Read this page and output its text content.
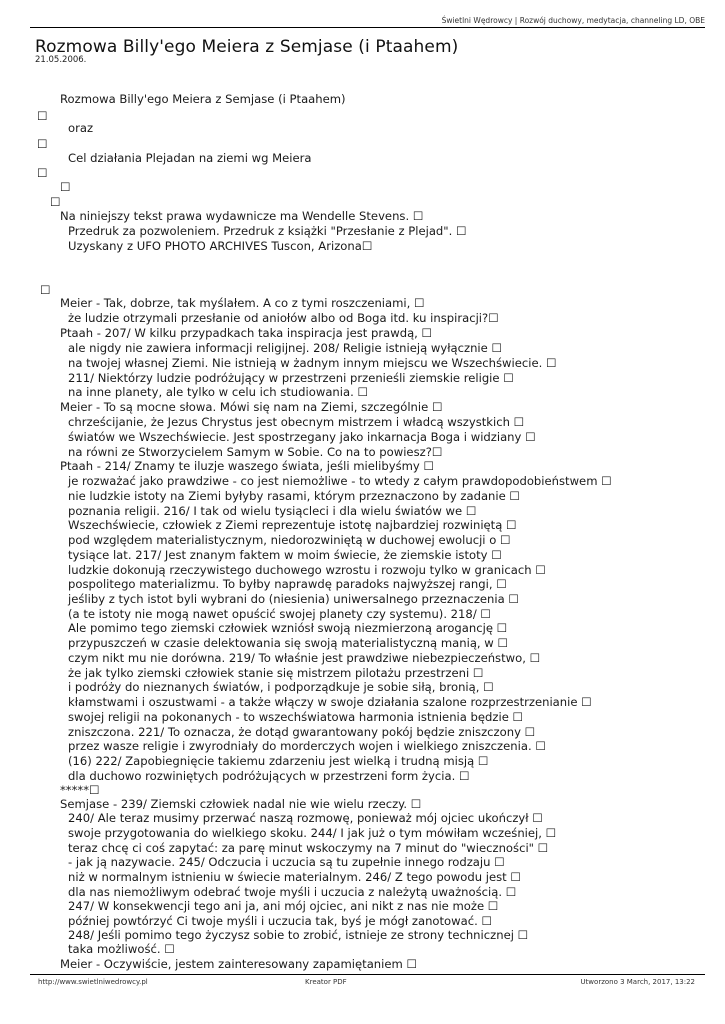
Świetlni Wędrowcy | Rozwój duchowy, medytacja, channeling LD, OBE
Rozmowa Billy'ego Meiera z Semjase (i Ptaahem)
21.05.2006.
Rozmowa Billy'ego Meiera z Semjase (i Ptaahem)
☐
oraz
☐
Cel działania Plejadan na ziemi wg Meiera
☐
☐
☐
Na niniejszy tekst prawa wydawnicze ma Wendelle Stevens. ☐
Przedruk za pozwoleniem. Przedruk z książki "Przesłanie z Plejad". ☐
Uzyskany z UFO PHOTO ARCHIVES Tuscon, Arizona☐
☐
Meier - Tak, dobrze, tak myślałem. A co z tymi roszczeniami, ☐
że ludzie otrzymali przesłanie od aniołów albo od Boga itd. ku inspiracji?☐
Ptaah - 207/ W kilku przypadkach taka inspiracja jest prawdą, ☐
ale nigdy nie zawiera informacji religijnej. 208/ Religie istnieją wyłącznie ☐
na twojej własnej Ziemi. Nie istnieją w żadnym innym miejscu we Wszechświecie. ☐
211/ Niektórzy ludzie podróżujący w przestrzeni przenieśli ziemskie religie ☐
na inne planety, ale tylko w celu ich studiowania. ☐
Meier - To są mocne słowa. Mówi się nam na Ziemi, szczególnie ☐
chrześcijanie, że Jezus Chrystus jest obecnym mistrzem i władcą wszystkich ☐
światów we Wszechświecie. Jest spostrzegany jako inkarnacja Boga i widziany ☐
na równi ze Stworzycielem Samym w Sobie. Co na to powiesz?☐
Ptaah - 214/ Znamy te iluzje waszego świata, jeśli mielibyśmy ☐
je rozważać jako prawdziwe - co jest niemożliwe - to wtedy z całym prawdopodobieństwem ☐
nie ludzkie istoty na Ziemi byłyby rasami, którym przeznaczono by zadanie ☐
poznania religii. 216/ I tak od wielu tysiącleci i dla wielu światów we ☐
Wszechświecie, człowiek z Ziemi reprezentuje istotę najbardziej rozwiniętą ☐
pod względem materialistycznym, niedorozwiniętą w duchowej ewolucji o ☐
tysiące lat. 217/ Jest znanym faktem w moim świecie, że ziemskie istoty ☐
ludzkie dokonują rzeczywistego duchowego wzrostu i rozwoju tylko w granicach ☐
pospolitego materializmu. To byłby naprawdę paradoks najwyższej rangi, ☐
jeśliby z tych istot byli wybrani do (niesienia) uniwersalnego przeznaczenia ☐
(a te istoty nie mogą nawet opuścić swojej planety czy systemu). 218/ ☐
Ale pomimo tego ziemski człowiek wzniósł swoją niezmierzoną arogancję ☐
przypuszczeń w czasie delektowania się swoją materialistyczną manią, w ☐
czym nikt mu nie dorówna. 219/ To właśnie jest prawdziwe niebezpieczeństwo, ☐
że jak tylko ziemski człowiek stanie się mistrzem pilotażu przestrzeni ☐
i podróży do nieznanych światów, i podporządkuje je sobie siłą, bronią, ☐
kłamstwami i oszustwami - a także włączy w swoje działania szalone rozprzestrzenianie ☐
swojej religii na pokonanych - to wszechświatowa harmonia istnienia będzie ☐
zniszczona. 221/ To oznacza, że dotąd gwarantowany pokój będzie zniszczony ☐
przez wasze religie i zwyrodniały do morderczych wojen i wielkiego zniszczenia. ☐
(16) 222/ Zapobiegnięcie takiemu zdarzeniu jest wielką i trudną misją ☐
dla duchowo rozwiniętych podróżujących w przestrzeni form życia. ☐
*****☐
Semjase - 239/ Ziemski człowiek nadal nie wie wielu rzeczy. ☐
240/ Ale teraz musimy przerwać naszą rozmowę, ponieważ mój ojciec ukończył ☐
swoje przygotowania do wielkiego skoku. 244/ I jak już o tym mówiłam wcześniej, ☐
teraz chcę ci coś zapytać: za parę minut wskoczymy na 7 minut do "wieczności" ☐
- jak ją nazywacie. 245/ Odczucia i uczucia są tu zupełnie innego rodzaju ☐
niż w normalnym istnieniu w świecie materialnym. 246/ Z tego powodu jest ☐
dla nas niemożliwym odebrać twoje myśli i uczucia z należytą uważnością. ☐
247/ W konsekwencji tego ani ja, ani mój ojciec, ani nikt z nas nie może ☐
później powtórzyć Ci twoje myśli i uczucia tak, byś je mógł zanotować. ☐
248/ Jeśli pomimo tego życzysz sobie to zrobić, istnieje ze strony technicznej ☐
taka możliwość. ☐
Meier - Oczywiście, jestem zainteresowany zapamiętaniem ☐
http://www.swietlniwedrowcy.pl	Kreator PDF	Utworzono 3 March, 2017, 13:22
